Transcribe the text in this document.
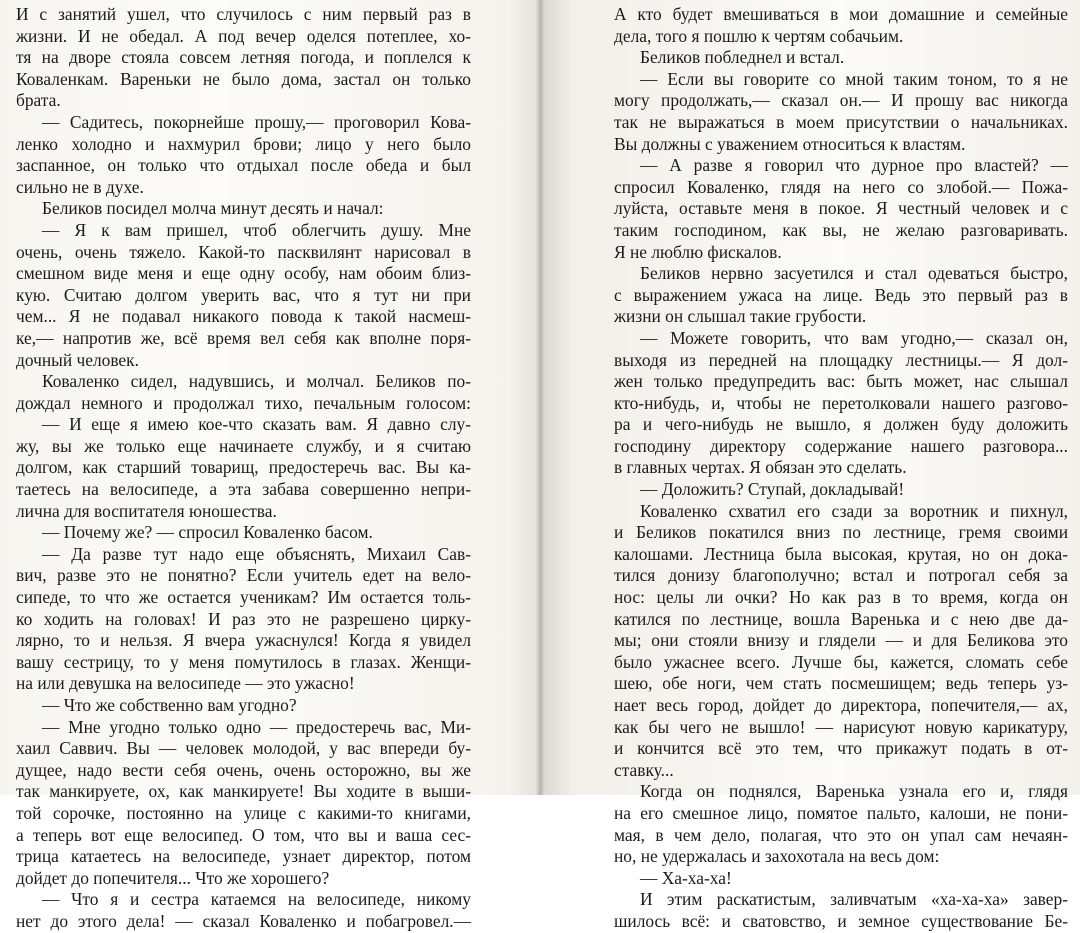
И с занятий ушел, что случилось с ним первый раз в
жизни. И не обедал. А под вечер оделся потеплее, хо-
тя на дворе стояла совсем летняя погода, и поплелся к
Коваленкам. Вареньки не было дома, застал он только
брата.
— Садитесь, покорнейше прошу,— проговорил Кова-
ленко холодно и нахмурил брови; лицо у него было
заспанное, он только что отдыхал после обеда и был
сильно не в духе.
Беликов посидел молча минут десять и начал:
— Я к вам пришел, чтоб облегчить душу. Мне
очень, очень тяжело. Какой-то пасквилянт нарисовал в
смешном виде меня и еще одну особу, нам обоим близ-
кую. Считаю долгом уверить вас, что я тут ни при
чем... Я не подавал никакого повода к такой насмеш-
ке,— напротив же, всё время вел себя как вполне поря-
дочный человек.
Коваленко сидел, надувшись, и молчал. Беликов по-
дождал немного и продолжал тихо, печальным голосом:
— И еще я имею кое-что сказать вам. Я давно слу-
жу, вы же только еще начинаете службу, и я считаю
долгом, как старший товарищ, предостеречь вас. Вы ка-
таетесь на велосипеде, а эта забава совершенно непри-
лична для воспитателя юношества.
— Почему же? — спросил Коваленко басом.
— Да разве тут надо еще объяснять, Михаил Сав-
вич, разве это не понятно? Если учитель едет на вело-
сипеде, то что же остается ученикам? Им остается толь-
ко ходить на головах! И раз это не разрешено цирку-
лярно, то и нельзя. Я вчера ужаснулся! Когда я увидел
вашу сестрицу, то у меня помутилось в глазах. Женщи-
на или девушка на велосипеде — это ужасно!
— Что же собственно вам угодно?
— Мне угодно только одно — предостеречь вас, Ми-
хаил Саввич. Вы — человек молодой, у вас впереди бу-
дущее, надо вести себя очень, очень осторожно, вы же
так манкируете, ох, как манкируете! Вы ходите в выши-
той сорочке, постоянно на улице с какими-то книгами,
а теперь вот еще велосипед. О том, что вы и ваша сес-
трица катаетесь на велосипеде, узнает директор, потом
дойдет до попечителя... Что же хорошего?
— Что я и сестра катаемся на велосипеде, никому
нет до этого дела! — сказал Коваленко и побагровел.—
А кто будет вмешиваться в мои домашние и семейные
дела, того я пошлю к чертям собачьим.
Беликов побледнел и встал.
— Если вы говорите со мной таким тоном, то я не
могу продолжать,— сказал он.— И прошу вас никогда
так не выражаться в моем присутствии о начальниках.
Вы должны с уважением относиться к властям.
— А разве я говорил что дурное про властей? —
спросил Коваленко, глядя на него со злобой.— Пожа-
луйста, оставьте меня в покое. Я честный человек и с
таким господином, как вы, не желаю разговаривать.
Я не люблю фискалов.
Беликов нервно засуетился и стал одеваться быстро,
с выражением ужаса на лице. Ведь это первый раз в
жизни он слышал такие грубости.
— Можете говорить, что вам угодно,— сказал он,
выходя из передней на площадку лестницы.— Я дол-
жен только предупредить вас: быть может, нас слышал
кто-нибудь, и, чтобы не перетолковали нашего разгово-
ра и чего-нибудь не вышло, я должен буду доложить
господину директору содержание нашего разговора...
в главных чертах. Я обязан это сделать.
— Доложить? Ступай, докладывай!
Коваленко схватил его сзади за воротник и пихнул,
и Беликов покатился вниз по лестнице, гремя своими
калошами. Лестница была высокая, крутая, но он дока-
тился донизу благополучно; встал и потрогал себя за
нос: целы ли очки? Но как раз в то время, когда он
катился по лестнице, вошла Варенька и с нею две да-
мы; они стояли внизу и глядели — и для Беликова это
было ужаснее всего. Лучше бы, кажется, сломать себе
шею, обе ноги, чем стать посмешищем; ведь теперь уз-
нает весь город, дойдет до директора, попечителя,— ах,
как бы чего не вышло! — нарисуют новую карикатуру,
и кончится всё это тем, что прикажут подать в от-
ставку...
Когда он поднялся, Варенька узнала его и, глядя
на его смешное лицо, помятое пальто, калоши, не пони-
мая, в чем дело, полагая, что это он упал сам нечаян-
но, не удержалась и захохотала на весь дом:
— Ха-ха-ха!
И этим раскатистым, заливчатым «ха-ха-ха» завер-
шилось всё: и сватовство, и земное существование Бе-
